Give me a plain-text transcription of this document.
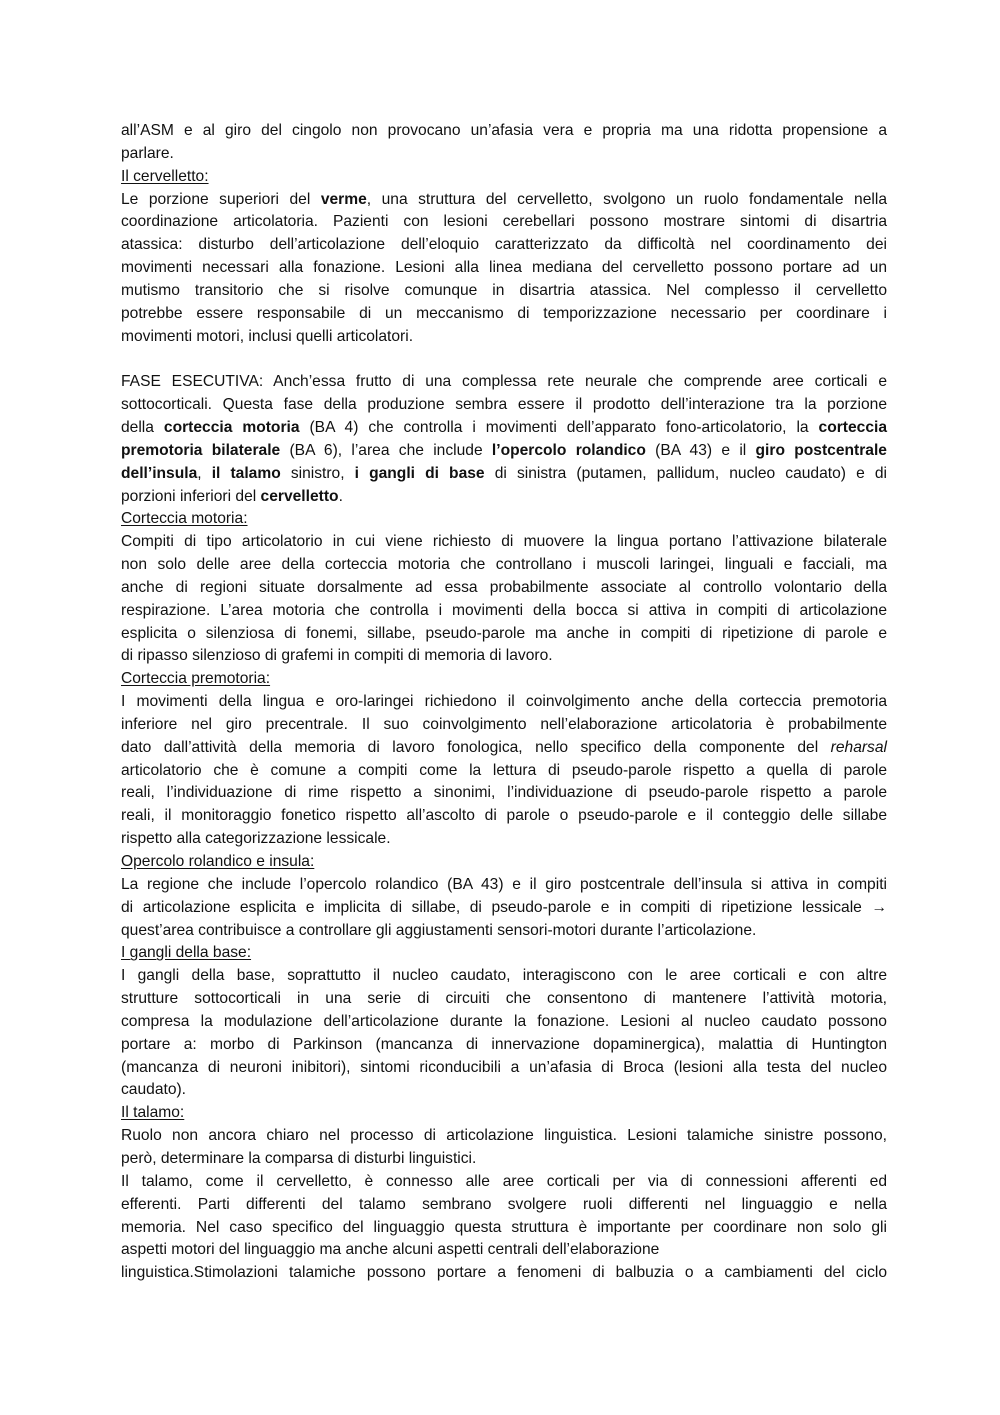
all’ASM e al giro del cingolo non provocano un’afasia vera e propria ma una ridotta propensione a
parlare.
Il cervelletto:
Le porzione superiori del verme, una struttura del cervelletto, svolgono un ruolo fondamentale nella
coordinazione articolatoria. Pazienti con lesioni cerebellari possono mostrare sintomi di disartria
atassica: disturbo dell’articolazione dell’eloquio caratterizzato da difficoltà nel coordinamento dei
movimenti necessari alla fonazione. Lesioni alla linea mediana del cervelletto possono portare ad un
mutismo transitorio che si risolve comunque in disartria atassica. Nel complesso il cervelletto
potrebbe essere responsabile di un meccanismo di temporizzazione necessario per coordinare i
movimenti motori, inclusi quelli articolatori.
FASE ESECUTIVA: Anch’essa frutto di una complessa rete neurale che comprende aree corticali e
sottocorticali. Questa fase della produzione sembra essere il prodotto dell’interazione tra la porzione
della corteccia motoria (BA 4) che controlla i movimenti dell’apparato fono-articolatorio, la corteccia
premotoria bilaterale (BA 6), l’area che include l’opercolo rolandico (BA 43) e il giro postcentrale
dell’insula, il talamo sinistro, i gangli di base di sinistra (putamen, pallidum, nucleo caudato) e di
porzioni inferiori del cervelletto.
Corteccia motoria:
Compiti di tipo articolatorio in cui viene richiesto di muovere la lingua portano l’attivazione bilaterale
non solo delle aree della corteccia motoria che controllano i muscoli laringei, linguali e facciali, ma
anche di regioni situate dorsalmente ad essa probabilmente associate al controllo volontario della
respirazione. L’area motoria che controlla i movimenti della bocca si attiva in compiti di articolazione
esplicita o silenziosa di fonemi, sillabe, pseudo-parole ma anche in compiti di ripetizione di parole e
di ripasso silenzioso di grafemi in compiti di memoria di lavoro.
Corteccia premotoria:
I movimenti della lingua e oro-laringei richiedono il coinvolgimento anche della corteccia premotoria
inferiore nel giro precentrale. Il suo coinvolgimento nell’elaborazione articolatoria è probabilmente
dato dall’attività della memoria di lavoro fonologica, nello specifico della componente del reharsal
articolatorio che è comune a compiti come la lettura di pseudo-parole rispetto a quella di parole
reali, l’individuazione di rime rispetto a sinonimi, l’individuazione di pseudo-parole rispetto a parole
reali, il monitoraggio fonetico rispetto all’ascolto di parole o pseudo-parole e il conteggio delle sillabe
rispetto alla categorizzazione lessicale.
Opercolo rolandico e insula:
La regione che include l’opercolo rolandico (BA 43) e il giro postcentrale dell’insula si attiva in compiti
di articolazione esplicita e implicita di sillabe, di pseudo-parole e in compiti di ripetizione lessicale →
quest’area contribuisce a controllare gli aggiustamenti sensori-motori durante l’articolazione.
I gangli della base:
I gangli della base, soprattutto il nucleo caudato, interagiscono con le aree corticali e con altre
strutture sottocorticali in una serie di circuiti che consentono di mantenere l’attività motoria,
compresa la modulazione dell’articolazione durante la fonazione. Lesioni al nucleo caudato possono
portare a: morbo di Parkinson (mancanza di innervazione dopaminergica), malattia di Huntington
(mancanza di neuroni inibitori), sintomi riconducibili a un’afasia di Broca (lesioni alla testa del nucleo
caudato).
Il talamo:
Ruolo non ancora chiaro nel processo di articolazione linguistica. Lesioni talamiche sinistre possono,
però, determinare la comparsa di disturbi linguistici.
Il talamo, come il cervelletto, è connesso alle aree corticali per via di connessioni afferenti ed
efferenti. Parti differenti del talamo sembrano svolgere ruoli differenti nel linguaggio e nella
memoria. Nel caso specifico del linguaggio questa struttura è importante per coordinare non solo gli
aspetti motori del linguaggio ma anche alcuni aspetti centrali dell’elaborazione
linguistica.Stimolazioni talamiche possono portare a fenomeni di balbuzia o a cambiamenti del ciclo
